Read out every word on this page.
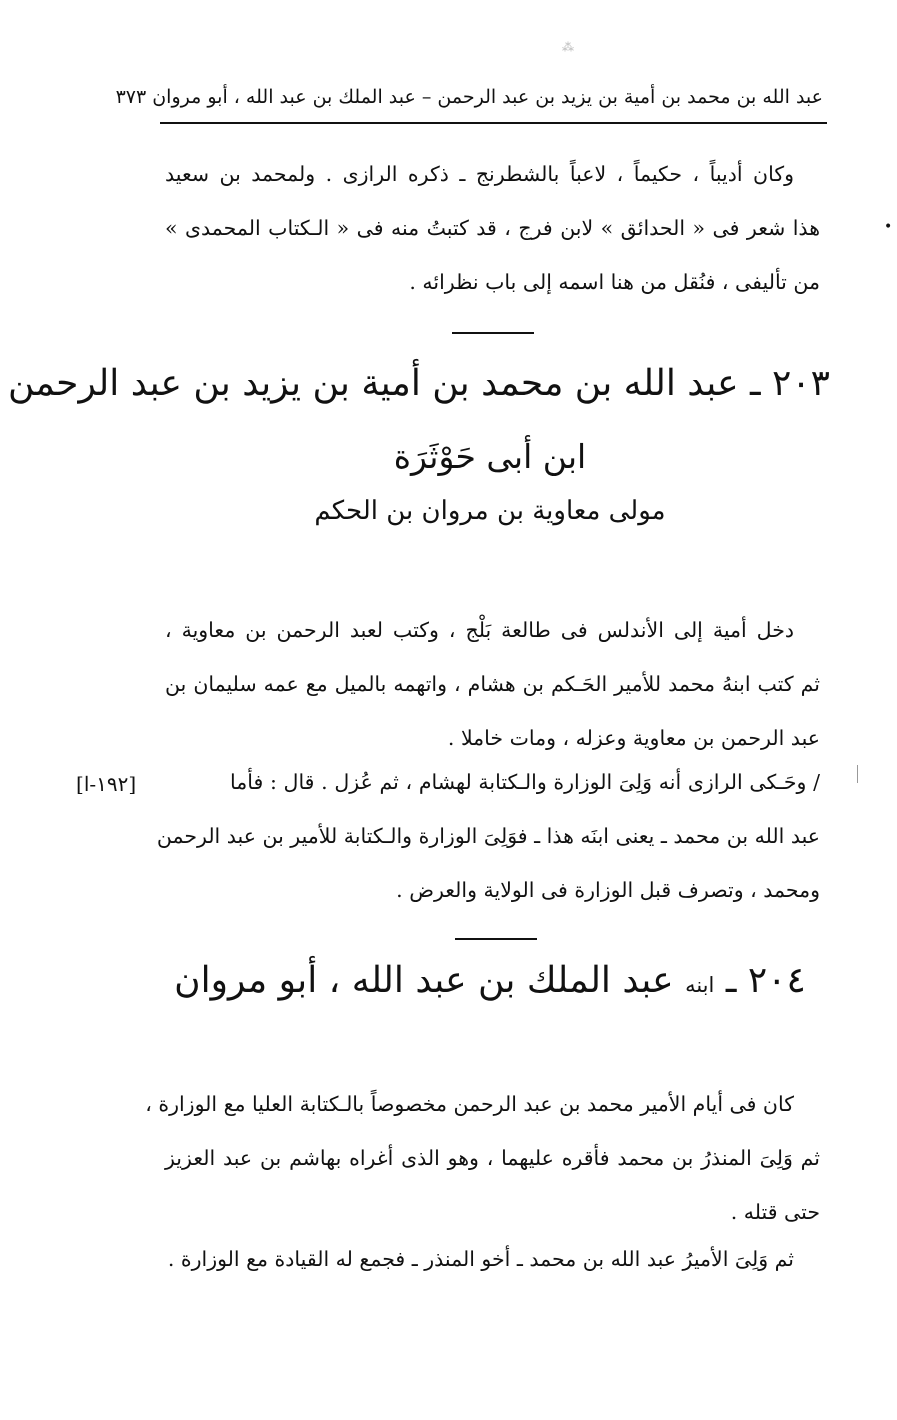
⁂
عبد الله بن محمد بن أمية بن يزيد بن عبد الرحمن – عبد الملك بن عبد الله ، أبو مروان ٣٧٣
•
وكان أديباً ، حكيماً ، لاعباً بالشطرنج ـ ذكره الرازى . ولمحمد بن سعيد
هذا شعر فى « الحدائق » لابن فرج ، قد كتبتُ منه فى « الـكتاب المحمدى »
من تأليفى ، فنُقل من هنا اسمه إلى باب نظرائه .
٢٠٣ ـ عبد الله بن محمد بن أمية بن يزيد بن عبد الرحمن
ابن أبى حَوْثَرَة
مولى معاوية بن مروان بن الحكم
دخل أمية إلى الأندلس فى طالعة بَلْج ، وكتب لعبد الرحمن بن معاوية ،
ثم كتب ابنهُ محمد للأمير الحَـكم بن هشام ، واتهمه بالميل مع عمه سليمان بن
عبد الرحمن بن معاوية وعزله ، ومات خاملا .
[١٩٢-ا]	/ وحَـكى الرازى أنه وَلِىَ الوزارة والـكتابة لهشام ، ثم عُزل . قال : فأما
عبد الله بن محمد ـ يعنى ابنَه هذا ـ فوَلِىَ الوزارة والـكتابة للأمير بن عبد الرحمن
ومحمد ، وتصرف قبل الوزارة فى الولاية والعرض .
٢٠٤ ـ ابنه عبد الملك بن عبد الله ، أبو مروان
كان فى أيام الأمير محمد بن عبد الرحمن مخصوصاً بالـكتابة العليا مع الوزارة ،
ثم وَلِىَ المنذرُ بن محمد فأقره عليهما ، وهو الذى أغراه بهاشم بن عبد العزيز
حتى قتله .
ثم وَلِىَ الأميرُ عبد الله بن محمد ـ أخو المنذر ـ فجمع له القيادة مع الوزارة .
